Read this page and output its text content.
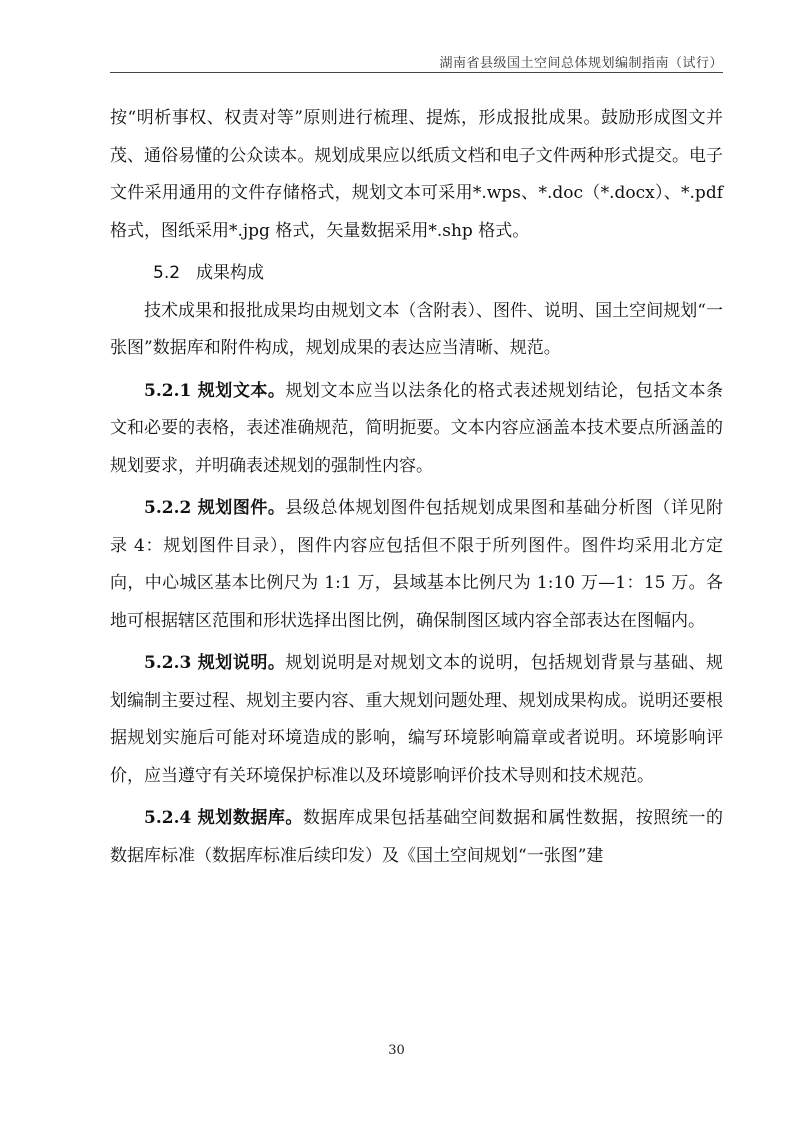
湖南省县级国土空间总体规划编制指南（试行）

按“明析事权、权责对等”原则进行梳理、提炼，形成报批成果。鼓励形成图文并茂、通俗易懂的公众读本。规划成果应以纸质文档和电子文件两种形式提交。电子文件采用通用的文件存储格式，规划文本可采用*.wps、*.doc（*.docx）、*.pdf 格式，图纸采用*.jpg 格式，矢量数据采用*.shp 格式。

5.2 成果构成

技术成果和报批成果均由规划文本（含附表）、图件、说明、国土空间规划“一张图”数据库和附件构成，规划成果的表达应当清晰、规范。

5.2.1 规划文本。规划文本应当以法条化的格式表述规划结论，包括文本条文和必要的表格，表述准确规范，简明扼要。文本内容应涵盖本技术要点所涵盖的规划要求，并明确表述规划的强制性内容。

5.2.2 规划图件。县级总体规划图件包括规划成果图和基础分析图（详见附录 4：规划图件目录），图件内容应包括但不限于所列图件。图件均采用北方定向，中心城区基本比例尺为 1:1 万，县域基本比例尺为 1:10 万—1：15 万。各地可根据辖区范围和形状选择出图比例，确保制图区域内容全部表达在图幅内。

5.2.3 规划说明。规划说明是对规划文本的说明，包括规划背景与基础、规划编制主要过程、规划主要内容、重大规划问题处理、规划成果构成。说明还要根据规划实施后可能对环境造成的影响，编写环境影响篇章或者说明。环境影响评价，应当遵守有关环境保护标准以及环境影响评价技术导则和技术规范。

5.2.4 规划数据库。数据库成果包括基础空间数据和属性数据，按照统一的数据库标准（数据库标准后续印发）及《国土空间规划“一张图”建

30
